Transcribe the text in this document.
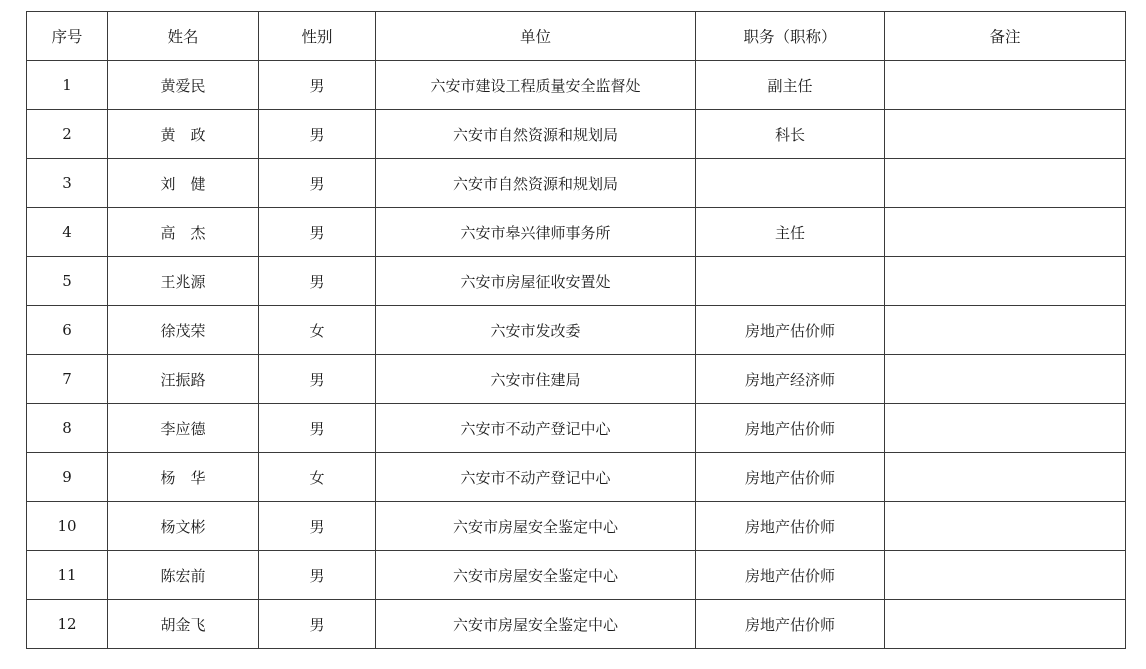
序号	姓名	性别	单位	职务（职称）	备注
1	黄爱民	男	六安市建设工程质量安全监督处	副主任	
2	黄　政	男	六安市自然资源和规划局	科长	
3	刘　健	男	六安市自然资源和规划局		
4	高　杰	男	六安市皋兴律师事务所	主任	
5	王兆源	男	六安市房屋征收安置处		
6	徐茂荣	女	六安市发改委	房地产估价师	
7	汪振路	男	六安市住建局	房地产经济师	
8	李应德	男	六安市不动产登记中心	房地产估价师	
9	杨　华	女	六安市不动产登记中心	房地产估价师	
10	杨文彬	男	六安市房屋安全鉴定中心	房地产估价师	
11	陈宏前	男	六安市房屋安全鉴定中心	房地产估价师	
12	胡金飞	男	六安市房屋安全鉴定中心	房地产估价师	
